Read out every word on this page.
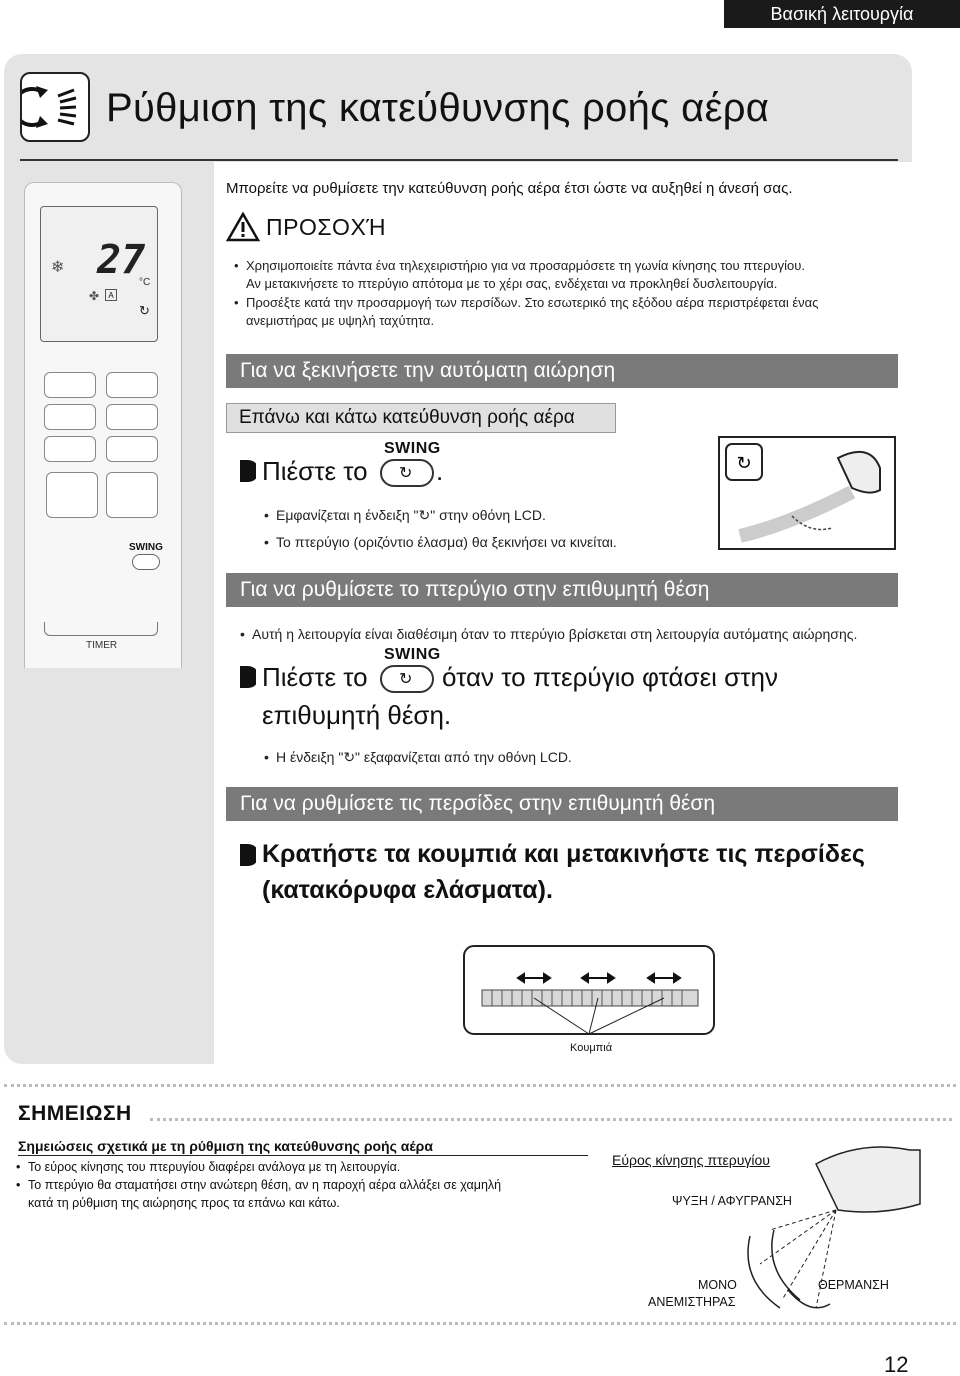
Βασική λειτουργία
Ρύθμιση της κατεύθυνσης ροής αέρα
❄ 27
°C
✤	A
↻
SWING
TIMER
Μπορείτε να ρυθμίσετε την κατεύθυνση ροής αέρα έτσι ώστε να αυξηθεί η άνεσή σας.
ΠΡΟΣΟΧΉ
• Χρησιμοποιείτε πάντα ένα τηλεχειριστήριο για να προσαρμόσετε τη γωνία κίνησης του πτερυγίου.
Αν μετακινήσετε το πτερύγιο απότομα με το χέρι σας, ενδέχεται να προκληθεί δυσλειτουργία.
• Προσέξτε κατά την προσαρμογή των περσίδων. Στο εσωτερικό της εξόδου αέρα περιστρέφεται ένας
ανεμιστήρας με υψηλή ταχύτητα.
Για να ξεκινήσετε την αυτόματη αιώρηση
Επάνω και κάτω κατεύθυνση ροής αέρα
Πιέστε το
SWING
↻ .
• Εμφανίζεται η ένδειξη "↻" στην οθόνη LCD.
• Το πτερύγιο (οριζόντιο έλασμα) θα ξεκινήσει να κινείται.
↻
Για να ρυθμίσετε το πτερύγιο στην επιθυμητή θέση
• Αυτή η λειτουργία είναι διαθέσιμη όταν το πτερύγιο βρίσκεται στη λειτουργία αυτόματης αιώρησης.
Πιέστε το
SWING
↻ όταν το πτερύγιο φτάσει στην
επιθυμητή θέση.
• Η ένδειξη "↻" εξαφανίζεται από την οθόνη LCD.
Για να ρυθμίσετε τις περσίδες στην επιθυμητή θέση
Κρατήστε τα κουμπιά και μετακινήστε τις περσίδες
(κατακόρυφα ελάσματα).
Κουμπιά
ΣΗΜΕΙΩΣΗ
Σημειώσεις σχετικά με τη ρύθμιση της κατεύθυνσης ροής αέρα
• Το εύρος κίνησης του πτερυγίου διαφέρει ανάλογα με τη λειτουργία.
• Το πτερύγιο θα σταματήσει στην ανώτερη θέση, αν η παροχή αέρα αλλάξει σε χαμηλή
κατά τη ρύθμιση της αιώρησης προς τα επάνω και κάτω.
Εύρος κίνησης πτερυγίου
ΨΥΞΗ / ΑΦΥΓΡΑΝΣΗ
ΜΟΝΟ
ΑΝΕΜΙΣΤΗΡΑΣ
ΘΕΡΜΑΝΣΗ
12
